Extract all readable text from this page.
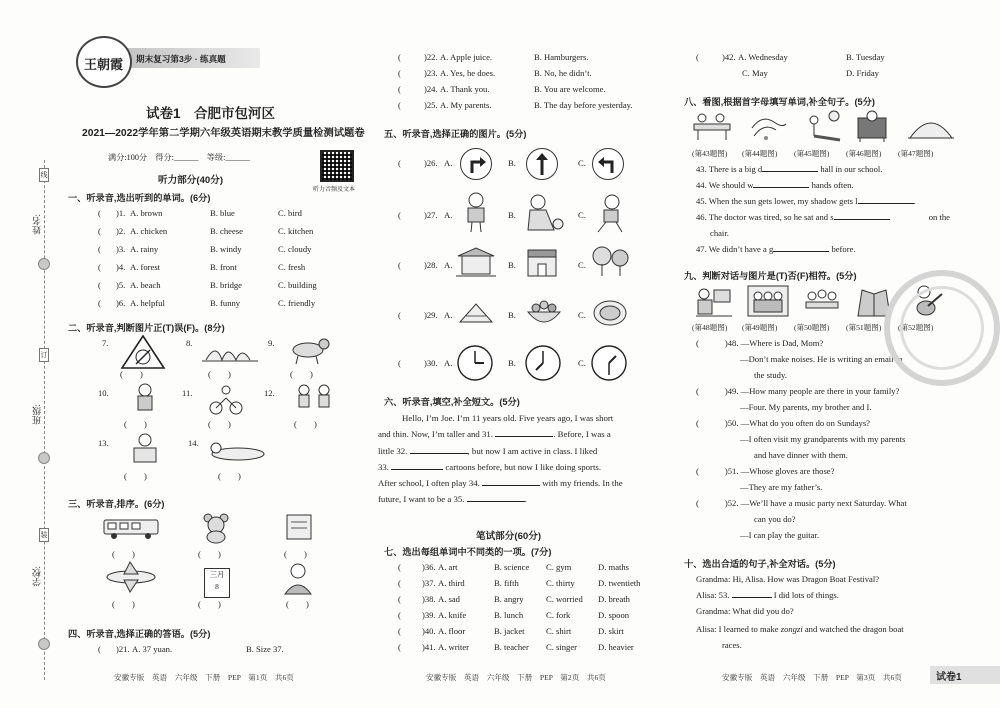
姓名:
班级:
学校:
线
订
装
期末复习第3步 · 练真题
王朝霞
试卷1　合肥市包河区
2021—2022学年第二学期六年级英语期末教学质量检测试题卷
满分:100分　得分:______　等级:______
听力音频及文本
听力部分(40分)
一、听录音,选出听到的单词。(6分)
( )1. A. brown	B. blue	C. bird
( )2. A. chicken	B. cheese	C. kitchen
( )3. A. rainy	B. windy	C. cloudy
( )4. A. forest	B. front	C. fresh
( )5. A. beach	B. bridge	C. building
( )6. A. helpful	B. funny	C. friendly
二、听录音,判断图片正(T)误(F)。(8分)
7.	8.	9.
(　　)	(　　)	(　　)
10.	11.	12.
(　　)	(　　)	(　　)
13.	14.
(　　)	(　　)
三、听录音,排序。(6分)
(　　)	(　　)	(　　)
三月
8
(　　)	(　　)	(　　)
四、听录音,选择正确的答语。(5分)
( )21. A. 37 yuan.	B. Size 37.
安徽专版　英语　六年级　下册　PEP　第1页　共6页
(	)22. A. Apple juice.	B. Hamburgers.
(	)23. A. Yes, he does.	B. No, he didn’t.
(	)24. A. Thank you.	B. You are welcome.
(	)25. A. My parents.	B. The day before yesterday.
五、听录音,选择正确的图片。(5分)
(	)26. A.	B.	C.
(	)27. A.	B.	C.
(	)28. A.	B.	C.
(	)29. A.	B.	C.
(	)30. A.	B.	C.
六、听录音,填空,补全短文。(5分)
Hello, I’m Joe. I’m 11 years old. Five years ago, I was short
and thin. Now, I’m taller and 31.	. Before, I was a
little 32.	, but now I am active in class. I liked
33.	cartoons before, but now I like doing sports.
After school, I often play 34.	with my friends. In the
future, I want to be a 35.	.
笔试部分(60分)
七、选出每组单词中不同类的一项。(7分)
( )36. A. art	B. science C. gym	D. maths
( )37. A. third	B. fifth	C. thirty	D. twentieth
( )38. A. sad	B. angry	C. worried D. breath
( )39. A. knife	B. lunch	C. fork	D. spoon
( )40. A. floor	B. jacket C. shirt	D. skirt
( )41. A. writer	B. teacher C. singer D. heavier
安徽专版　英语　六年级　下册　PEP　第2页　共6页
(	)42. A. Wednesday	B. Tuesday
C. May	D. Friday
八、看图,根据首字母填写单词,补全句子。(5分)
(第43题图) (第44题图) (第45题图) (第46题图) (第47题图)
43. There is a big d	hall in our school.
44. We should w	hands often.
45. When the sun gets lower, my shadow gets l	.
46. The doctor was tired, so he sat and s	on the
chair.
47. We didn’t have a g	before.
九、判断对话与图片是(T)否(F)相符。(5分)
(第48题图) (第49题图) (第50题图) (第51题图) (第52题图)
(	)48. —Where is Dad, Mom?
—Don’t make noises. He is writing an email in
the study.
(	)49. —How many people are there in your family?
—Four. My parents, my brother and I.
(	)50. —What do you often do on Sundays?
—I often visit my grandparents with my parents
and have dinner with them.
(	)51. —Whose gloves are those?
—They are my father’s.
(	)52. —We’ll have a music party next Saturday. What
can you do?
—I can play the guitar.
十、选出合适的句子,补全对话。(5分)
Grandma: Hi, Alisa. How was Dragon Boat Festival?
Alisa: 53.	I did lots of things.
Grandma: What did you do?
Alisa: I learned to make zongzi and watched the dragon boat
races.
安徽专版　英语　六年级　下册　PEP　第3页　共6页	试卷1
